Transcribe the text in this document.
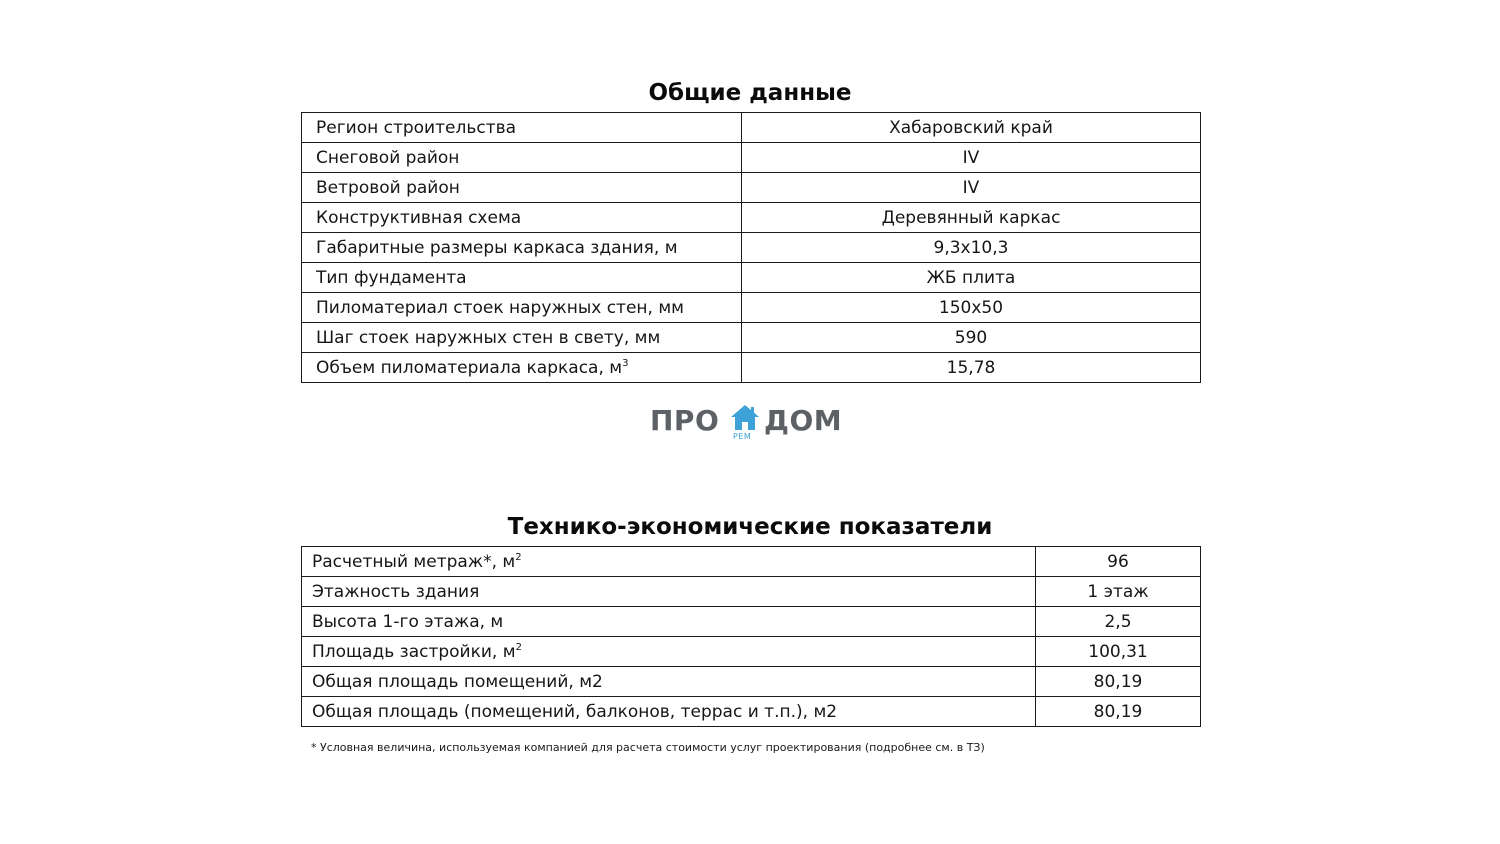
Общие данные
Регион строительства	Хабаровский край
Снеговой район	IV
Ветровой район	IV
Конструктивная схема	Деревянный каркас
Габаритные размеры каркаса здания, м	9,3х10,3
Тип фундамента	ЖБ плита
Пиломатериал стоек наружных стен, мм	150х50
Шаг стоек наружных стен в свету, мм	590
Объем пиломатериала каркаса, $м^3$	15,78
ПРО РЕМ ДОМ
Технико-экономические показатели
Расчетный метраж*, $м^2$	96
Этажность здания	1 этаж
Высота 1-го этажа, м	2,5
Площадь застройки, $м^2$	100,31
Общая площадь помещений, м2	80,19
Общая площадь (помещений, балконов, террас и т.п.), м2	80,19
* Условная величина, используемая компанией для расчета стоимости услуг проектирования (подробнее см. в ТЗ)
